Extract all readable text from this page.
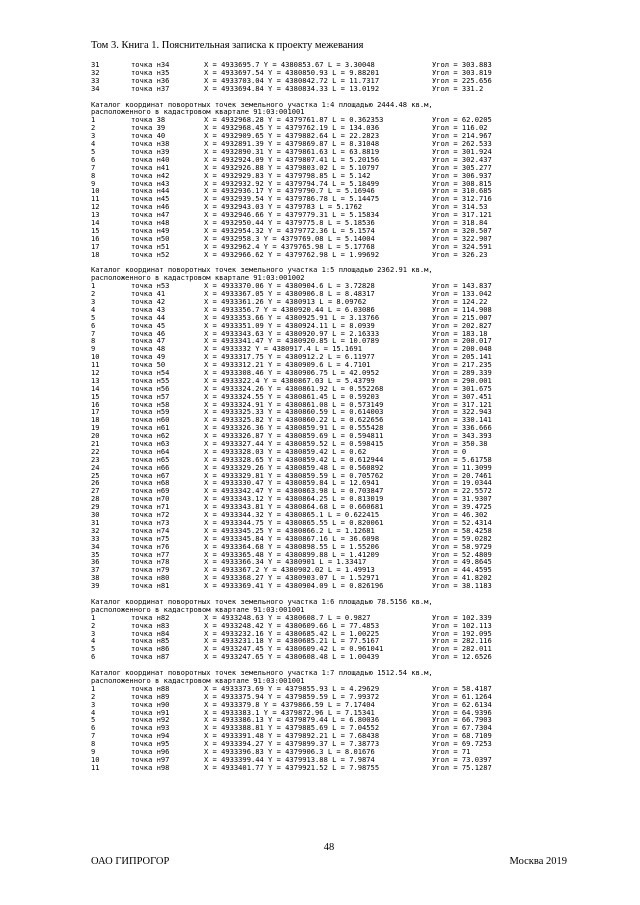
Том 3. Книга 1. Пояснительная записка к проекту межевания
31	точка н34	X = 4933695.7 Y = 4380853.67 L = 3.30048	Угол = 303.883
32	точка н35	X = 4933697.54 Y = 4380850.93 L = 9.88201	Угол = 303.819
33	точка н36	X = 4933703.04 Y = 4380842.72 L = 11.7317	Угол = 225.656
34	точка н37	X = 4933694.84 Y = 4380834.33 L = 13.0192	Угол = 331.2
Каталог координат поворотных точек земельного участка 1:4 площадью 2444.48 кв.м,
расположенного в кадастровом квартале 91:03:001001
1	точка 38	X = 4932968.28 Y = 4379761.87 L = 0.362353	Угол = 62.0205
2	точка 39	X = 4932968.45 Y = 4379762.19 L = 134.036	Угол = 116.02
3	точка 40	X = 4932909.65 Y = 4379882.64 L = 22.2823	Угол = 214.967
4	точка н38	X = 4932891.39 Y = 4379869.87 L = 8.31048	Угол = 262.533
5	точка н39	X = 4932890.31 Y = 4379861.63 L = 63.8819	Угол = 301.924
6	точка н40	X = 4932924.09 Y = 4379807.41 L = 5.20156	Угол = 302.437
7	точка н41	X = 4932926.88 Y = 4379803.02 L = 5.10797	Угол = 305.277
8	точка н42	X = 4932929.83 Y = 4379798.85 L = 5.142	Угол = 306.937
9	точка н43	X = 4932932.92 Y = 4379794.74 L = 5.18499	Угол = 308.815
10	точка н44	X = 4932936.17 Y = 4379790.7 L = 5.16946	Угол = 310.685
11	точка н45	X = 4932939.54 Y = 4379786.78 L = 5.14475	Угол = 312.716
12	точка н46	X = 4932943.03 Y = 4379783 L = 5.1762	Угол = 314.53
13	точка н47	X = 4932946.66 Y = 4379779.31 L = 5.15834	Угол = 317.121
14	точка н48	X = 4932950.44 Y = 4379775.8 L = 5.18536	Угол = 318.84
15	точка н49	X = 4932954.32 Y = 4379772.36 L = 5.1574	Угол = 320.507
16	точка н50	X = 4932958.3 Y = 4379769.08 L = 5.14004	Угол = 322.907
17	точка н51	X = 4932962.4 Y = 4379765.98 L = 5.17768	Угол = 324.591
18	точка н52	X = 4932966.62 Y = 4379762.98 L = 1.99692	Угол = 326.23
Каталог координат поворотных точек земельного участка 1:5 площадью 2362.91 кв.м,
расположенного в кадастровом квартале 91:03:001002
1	точка н53	X = 4933370.06 Y = 4380904.6 L = 3.72828	Угол = 143.837
2	точка 41	X = 4933367.05 Y = 4380906.8 L = 8.48317	Угол = 133.042
3	точка 42	X = 4933361.26 Y = 4380913 L = 8.09762	Угол = 124.22
4	точка 43	X = 4933356.7 Y = 4380920.44 L = 6.03086	Угол = 114.908
5	точка 44	X = 4933353.66 Y = 4380925.91 L = 3.13766	Угол = 215.007
6	точка 45	X = 4933351.09 Y = 4380924.11 L = 8.0939	Угол = 202.827
7	точка 46	X = 4933343.63 Y = 4380920.97 L = 2.16333	Угол = 183.18
8	точка 47	X = 4933341.47 Y = 4380920.85 L = 10.0789	Угол = 200.017
9	точка 48	X = 4933332 Y = 4380917.4 L = 15.1691	Угол = 200.048
10	точка 49	X = 4933317.75 Y = 4380912.2 L = 6.11977	Угол = 205.141
11	точка 50	X = 4933312.21 Y = 4380909.6 L = 4.7101	Угол = 217.235
12	точка н54	X = 4933308.46 Y = 4380906.75 L = 42.0952	Угол = 289.339
13	точка н55	X = 4933322.4 Y = 4380867.03 L = 5.43799	Угол = 290.001
14	точка н56	X = 4933324.26 Y = 4380861.92 L = 0.552268	Угол = 301.675
15	точка н57	X = 4933324.55 Y = 4380861.45 L = 0.59203	Угол = 307.451
16	точка н58	X = 4933324.91 Y = 4380861.08 L = 0.573149	Угол = 317.121
17	точка н59	X = 4933325.33 Y = 4380860.59 L = 0.614003	Угол = 322.943
18	точка н60	X = 4933325.82 Y = 4380860.22 L = 0.622656	Угол = 330.141
19	точка н61	X = 4933326.36 Y = 4380859.91 L = 0.555428	Угол = 336.666
20	точка н62	X = 4933326.87 Y = 4380859.69 L = 0.594811	Угол = 343.393
21	точка н63	X = 4933327.44 Y = 4380859.52 L = 0.598415	Угол = 350.38
22	точка н64	X = 4933328.03 Y = 4380859.42 L = 0.62	Угол = 0
23	точка н65	X = 4933328.65 Y = 4380859.42 L = 0.612944	Угол = 5.61758
24	точка н66	X = 4933329.26 Y = 4380859.48 L = 0.560892	Угол = 11.3099
25	точка н67	X = 4933329.81 Y = 4380859.59 L = 0.705762	Угол = 20.7461
26	точка н68	X = 4933330.47 Y = 4380859.84 L = 12.6941	Угол = 19.0344
27	точка н69	X = 4933342.47 Y = 4380863.98 L = 0.703847	Угол = 22.5572
28	точка н70	X = 4933343.12 Y = 4380864.25 L = 0.813019	Угол = 31.9307
29	точка н71	X = 4933343.81 Y = 4380864.68 L = 0.660681	Угол = 39.4725
30	точка н72	X = 4933344.32 Y = 4380865.1 L = 0.622415	Угол = 46.302
31	точка н73	X = 4933344.75 Y = 4380865.55 L = 0.820061	Угол = 52.4314
32	точка н74	X = 4933345.25 Y = 4380866.2 L = 1.12681	Угол = 58.4258
33	точка н75	X = 4933345.84 Y = 4380867.16 L = 36.6098	Угол = 59.0282
34	точка н76	X = 4933364.68 Y = 4380898.55 L = 1.55206	Угол = 58.9729
35	точка н77	X = 4933365.48 Y = 4380899.88 L = 1.41209	Угол = 52.4809
36	точка н78	X = 4933366.34 Y = 4380901 L = 1.33417	Угол = 49.8645
37	точка н79	X = 4933367.2 Y = 4380902.02 L = 1.49913	Угол = 44.4595
38	точка н80	X = 4933368.27 Y = 4380903.07 L = 1.52971	Угол = 41.8202
39	точка н81	X = 4933369.41 Y = 4380904.09 L = 0.826196	Угол = 38.1183
Каталог координат поворотных точек земельного участка 1:6 площадью 78.5156 кв.м,
расположенного в кадастровом квартале 91:03:001001
1	точка н82	X = 4933248.63 Y = 4380608.7 L = 0.9827	Угол = 102.339
2	точка н83	X = 4933248.42 Y = 4380609.66 L = 77.4853	Угол = 102.113
3	точка н84	X = 4933232.16 Y = 4380685.42 L = 1.00225	Угол = 192.095
4	точка н85	X = 4933231.18 Y = 4380685.21 L = 77.5167	Угол = 282.116
5	точка н86	X = 4933247.45 Y = 4380609.42 L = 0.961041	Угол = 282.011
6	точка н87	X = 4933247.65 Y = 4380608.48 L = 1.00439	Угол = 12.6526
Каталог координат поворотных точек земельного участка 1:7 площадью 1512.54 кв.м,
расположенного в кадастровом квартале 91:03:001001
1	точка н88	X = 4933373.69 Y = 4379855.93 L = 4.29629	Угол = 58.4187
2	точка н89	X = 4933375.94 Y = 4379859.59 L = 7.99372	Угол = 61.1264
3	точка н90	X = 4933379.8 Y = 4379866.59 L = 7.17404	Угол = 62.6134
4	точка н91	X = 4933383.1 Y = 4379872.96 L = 7.15341	Угол = 64.9396
5	точка н92	X = 4933386.13 Y = 4379879.44 L = 6.80036	Угол = 66.7903
6	точка н93	X = 4933388.81 Y = 4379885.69 L = 7.04552	Угол = 67.7304
7	точка н94	X = 4933391.48 Y = 4379892.21 L = 7.68438	Угол = 68.7109
8	точка н95	X = 4933394.27 Y = 4379899.37 L = 7.38773	Угол = 69.7253
9	точка н96	X = 4933396.83 Y = 4379906.3 L = 8.01676	Угол = 71
10	точка н97	X = 4933399.44 Y = 4379913.88 L = 7.9874	Угол = 73.0397
11	точка н98	X = 4933401.77 Y = 4379921.52 L = 7.98755	Угол = 75.1287
48
ОАО ГИПРОГОР	Москва 2019
